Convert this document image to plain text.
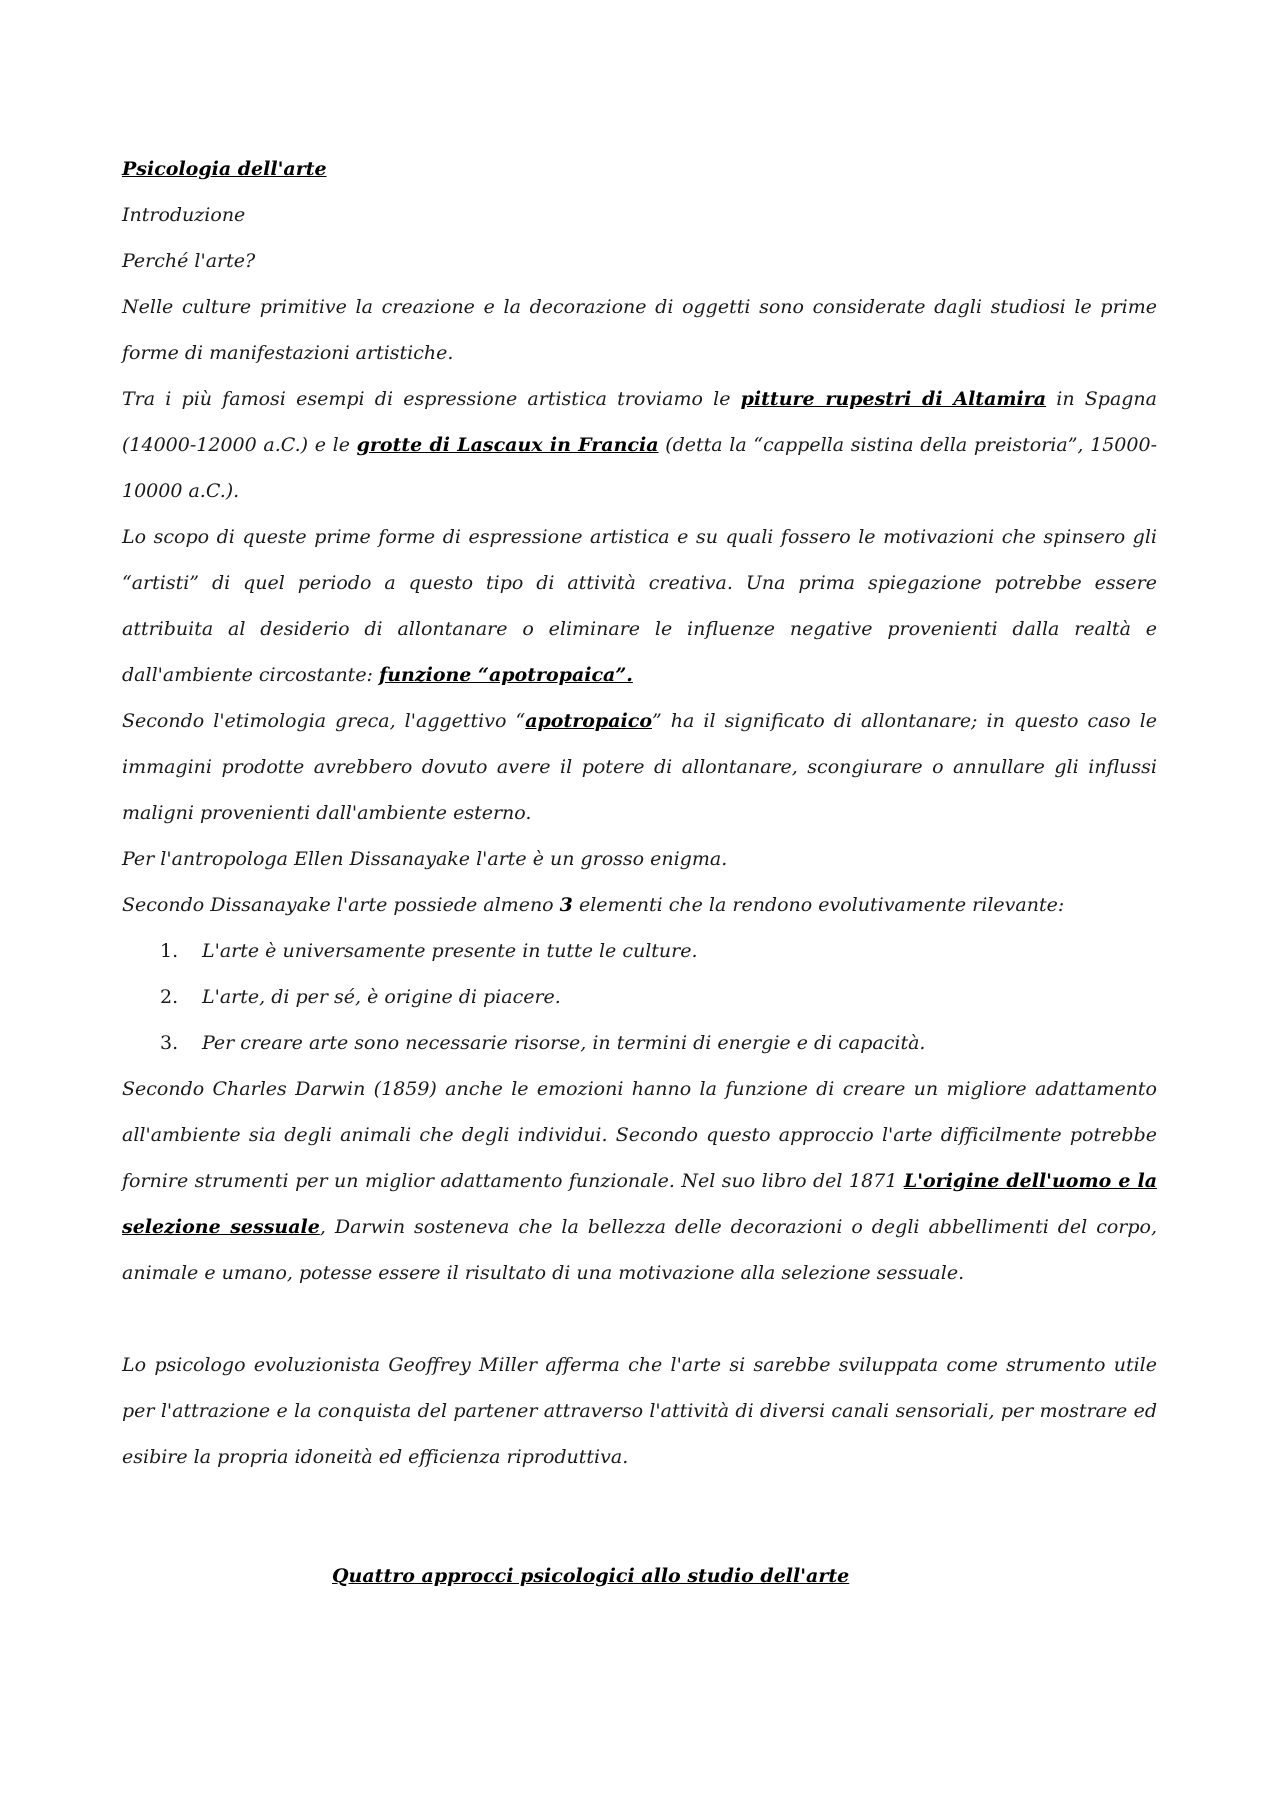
Psicologia dell'arte

Introduzione

Perché l'arte?

Nelle culture primitive la creazione e la decorazione di oggetti sono considerate dagli studiosi le prime forme di manifestazioni artistiche.

Tra i più famosi esempi di espressione artistica troviamo le pitture rupestri di Altamira in Spagna (14000-12000 a.C.) e le grotte di Lascaux in Francia (detta la “cappella sistina della preistoria”, 15000-10000 a.C.).

Lo scopo di queste prime forme di espressione artistica e su quali fossero le motivazioni che spinsero gli “artisti” di quel periodo a questo tipo di attività creativa. Una prima spiegazione potrebbe essere attribuita al desiderio di allontanare o eliminare le influenze negative provenienti dalla realtà e dall'ambiente circostante: funzione “apotropaica”.

Secondo l'etimologia greca, l'aggettivo “apotropaico” ha il significato di allontanare; in questo caso le immagini prodotte avrebbero dovuto avere il potere di allontanare, scongiurare o annullare gli influssi maligni provenienti dall'ambiente esterno.

Per l'antropologa Ellen Dissanayake l'arte è un grosso enigma.

Secondo Dissanayake l'arte possiede almeno 3 elementi che la rendono evolutivamente rilevante:

1. L'arte è universamente presente in tutte le culture.
2. L'arte, di per sé, è origine di piacere.
3. Per creare arte sono necessarie risorse, in termini di energie e di capacità.

Secondo Charles Darwin (1859) anche le emozioni hanno la funzione di creare un migliore adattamento all'ambiente sia degli animali che degli individui. Secondo questo approccio l'arte difficilmente potrebbe fornire strumenti per un miglior adattamento funzionale. Nel suo libro del 1871 L'origine dell'uomo e la selezione sessuale, Darwin sosteneva che la bellezza delle decorazioni o degli abbellimenti del corpo, animale e umano, potesse essere il risultato di una motivazione alla selezione sessuale.

Lo psicologo evoluzionista Geoffrey Miller afferma che l'arte si sarebbe sviluppata come strumento utile per l'attrazione e la conquista del partener attraverso l'attività di diversi canali sensoriali, per mostrare ed esibire la propria idoneità ed efficienza riproduttiva.

Quattro approcci psicologici allo studio dell'arte
